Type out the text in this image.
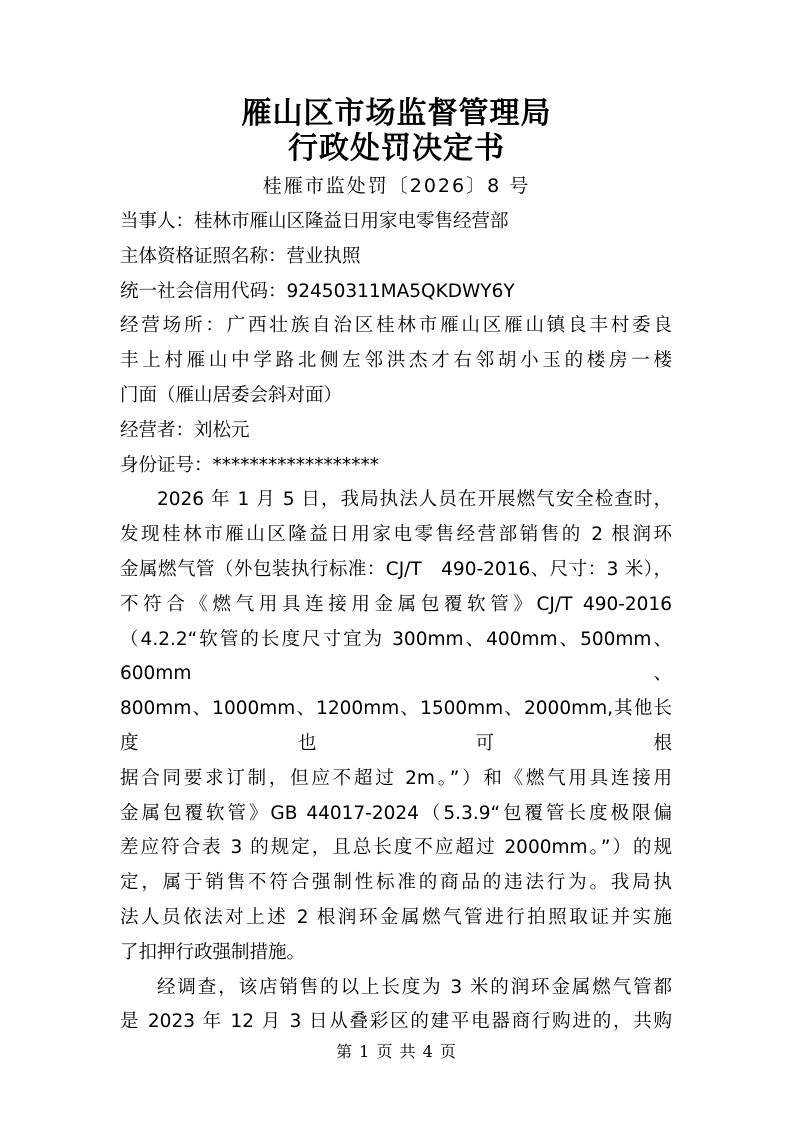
雁山区市场监督管理局
行政处罚决定书
桂雁市监处罚〔2026〕8 号
当事人：桂林市雁山区隆益日用家电零售经营部
主体资格证照名称：营业执照
统一社会信用代码：92450311MA5QKDWY6Y
经营场所：广西壮族自治区桂林市雁山区雁山镇良丰村委良
丰上村雁山中学路北侧左邻洪杰才右邻胡小玉的楼房一楼
门面（雁山居委会斜对面）
经营者：刘松元
身份证号：******************
2026 年 1 月 5 日，我局执法人员在开展燃气安全检查时，
发现桂林市雁山区隆益日用家电零售经营部销售的 2 根润环
金属燃气管（外包装执行标准：CJ/T　490-2016、尺寸：3 米），
不符合《燃气用具连接用金属包覆软管》CJ/T 490-2016
（4.2.2“软管的长度尺寸宜为 300mm、400mm、500mm、600mm、
800mm、1000mm、1200mm、1500mm、2000mm,其他长度也可根
据合同要求订制，但应不超过 2m。”）和《燃气用具连接用
金属包覆软管》GB 44017-2024（5.3.9“包覆管长度极限偏
差应符合表 3 的规定，且总长度不应超过 2000mm。”）的规
定，属于销售不符合强制性标准的商品的违法行为。我局执
法人员依法对上述 2 根润环金属燃气管进行拍照取证并实施
了扣押行政强制措施。
经调查，该店销售的以上长度为 3 米的润环金属燃气管都
是 2023 年 12 月 3 日从叠彩区的建平电器商行购进的，共购
第 1 页 共 4 页
